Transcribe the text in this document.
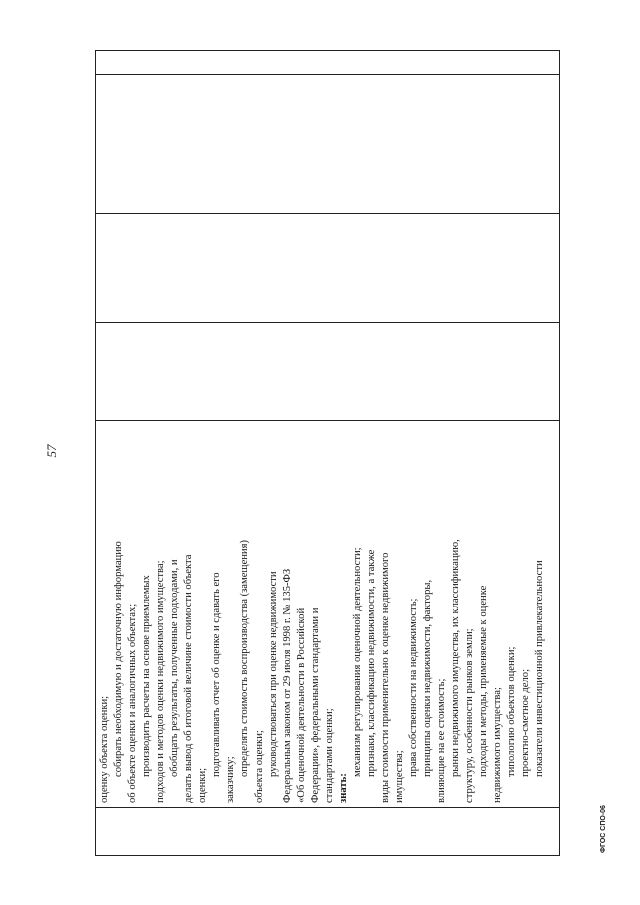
57
оценку объекта оценки; собирать необходимую и достаточную информацию об объекте оценки и аналогичных объектах; производить расчеты на основе приемлемых подходов и методов оценки недвижимого имущества; обобщать результаты, полученные подходами, и делать вывод об итоговой величине стоимости объекта оценки;
подготавливать отчет об оценке и сдавать его
заказчику;
определять стоимость воспроизводства (замещения) объекта оценки; руководствоваться при оценке недвижимости Федеральным законом от 29 июля 1998 г. № 135-ФЗ «Об оценочной деятельности в Российской Федерации», федеральными стандартами и стандартами оценки; знать:
механизм регулирования оценочной деятельности; признаки, классификацию недвижимости, а также виды стоимости применительно к оценке недвижимого имущества; права собственности на недвижимость; принципы оценки недвижимости, факторы, влияющие на ее стоимость; рынки недвижимого имущества, их классификацию, структуру, особенности рынков земли; подходы и методы, применяемые к оценке недвижимого имущества; типологию объектов оценки; проектно-сметное дело; показатели инвестиционной привлекательности
ФГОС СПО-06
